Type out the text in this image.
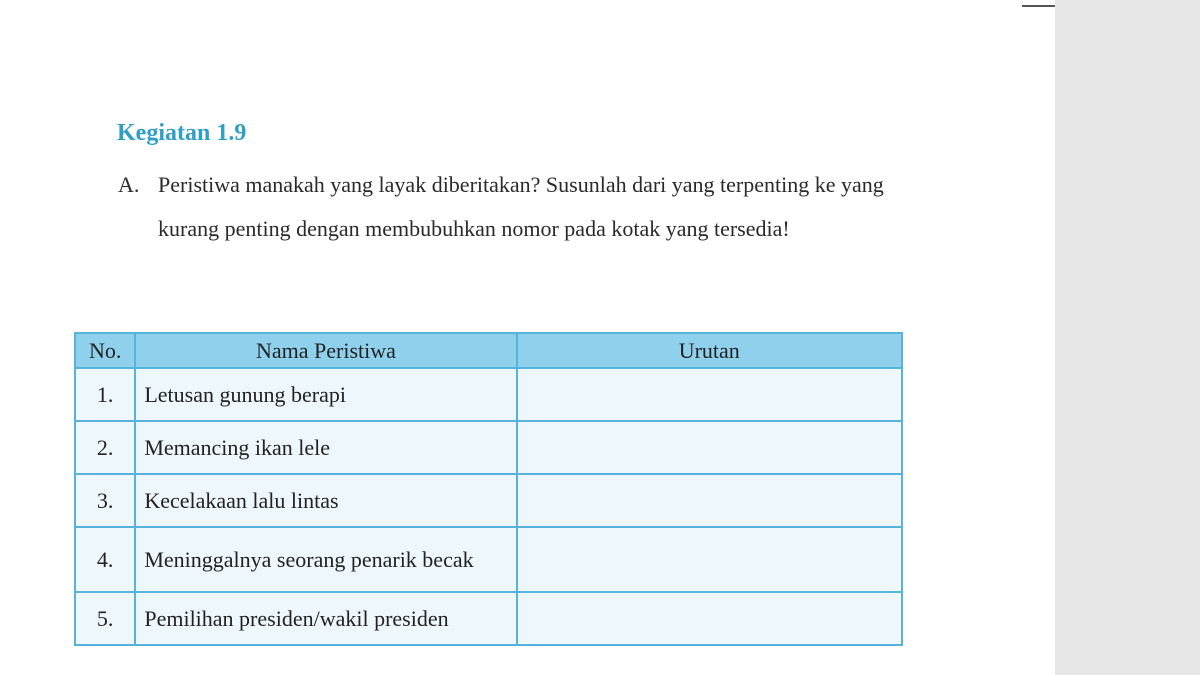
Kegiatan 1.9
A. Peristiwa manakah yang layak diberitakan? Susunlah dari yang terpenting ke yang kurang penting dengan membubuhkan nomor pada kotak yang tersedia!
No.	Nama Peristiwa	Urutan
1.	Letusan gunung berapi	
2.	Memancing ikan lele	
3.	Kecelakaan lalu lintas	
4.	Meninggalnya seorang penarik becak	
5.	Pemilihan presiden/wakil presiden	
